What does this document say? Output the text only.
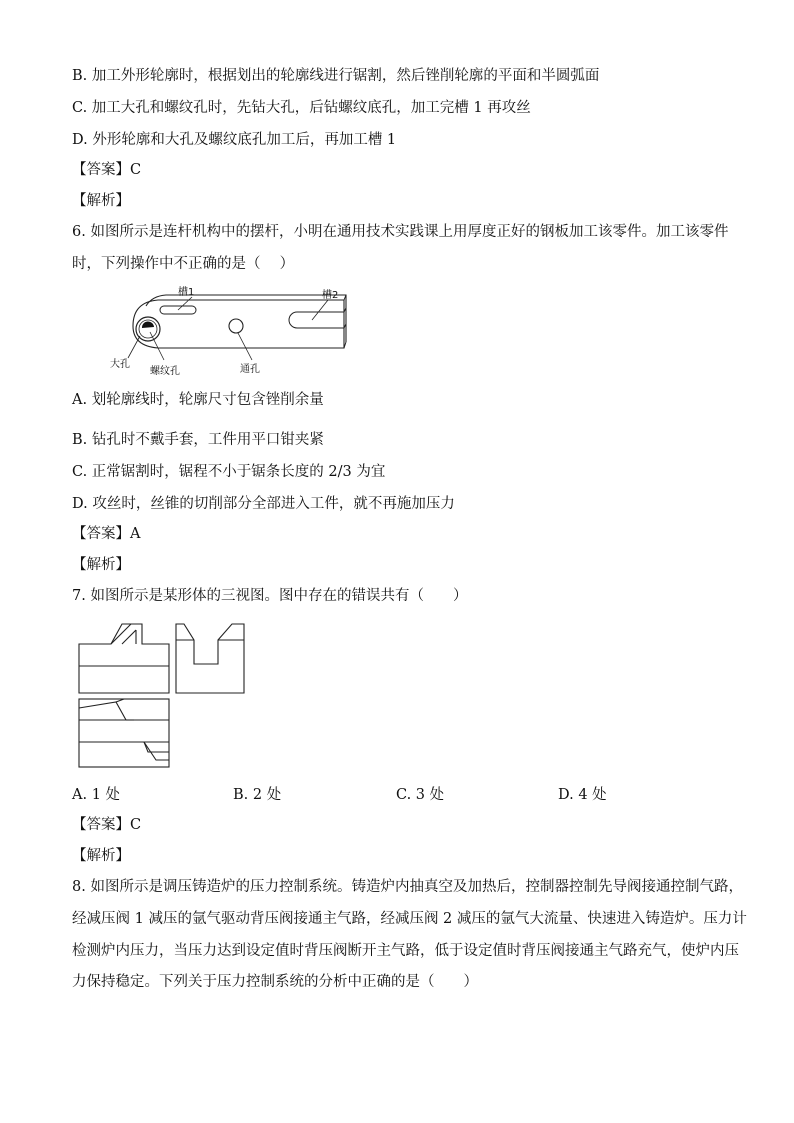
B. 加工外形轮廓时，根据划出的轮廓线进行锯割，然后锉削轮廓的平面和半圆弧面
C. 加工大孔和螺纹孔时，先钻大孔，后钻螺纹底孔，加工完槽 1 再攻丝
D. 外形轮廓和大孔及螺纹底孔加工后，再加工槽 1
【答案】C
【解析】
6. 如图所示是连杆机构中的摆杆，小明在通用技术实践课上用厚度正好的钢板加工该零件。加工该零件
时，下列操作中不正确的是（　 ）
槽1	槽2
大孔
螺纹孔	通孔
A. 划轮廓线时，轮廓尺寸包含锉削余量
B. 钻孔时不戴手套，工件用平口钳夹紧
C. 正常锯割时，锯程不小于锯条长度的 2/3 为宜
D. 攻丝时，丝锥的切削部分全部进入工件，就不再施加压力
【答案】A
【解析】
7. 如图所示是某形体的三视图。图中存在的错误共有（　　）
A. 1 处	B. 2 处	C. 3 处	D. 4 处
【答案】C
【解析】
8. 如图所示是调压铸造炉的压力控制系统。铸造炉内抽真空及加热后，控制器控制先导阀接通控制气路，
经减压阀 1 减压的氩气驱动背压阀接通主气路，经减压阀 2 减压的氩气大流量、快速进入铸造炉。压力计
检测炉内压力，当压力达到设定值时背压阀断开主气路，低于设定值时背压阀接通主气路充气，使炉内压
力保持稳定。下列关于压力控制系统的分析中正确的是（　　）
